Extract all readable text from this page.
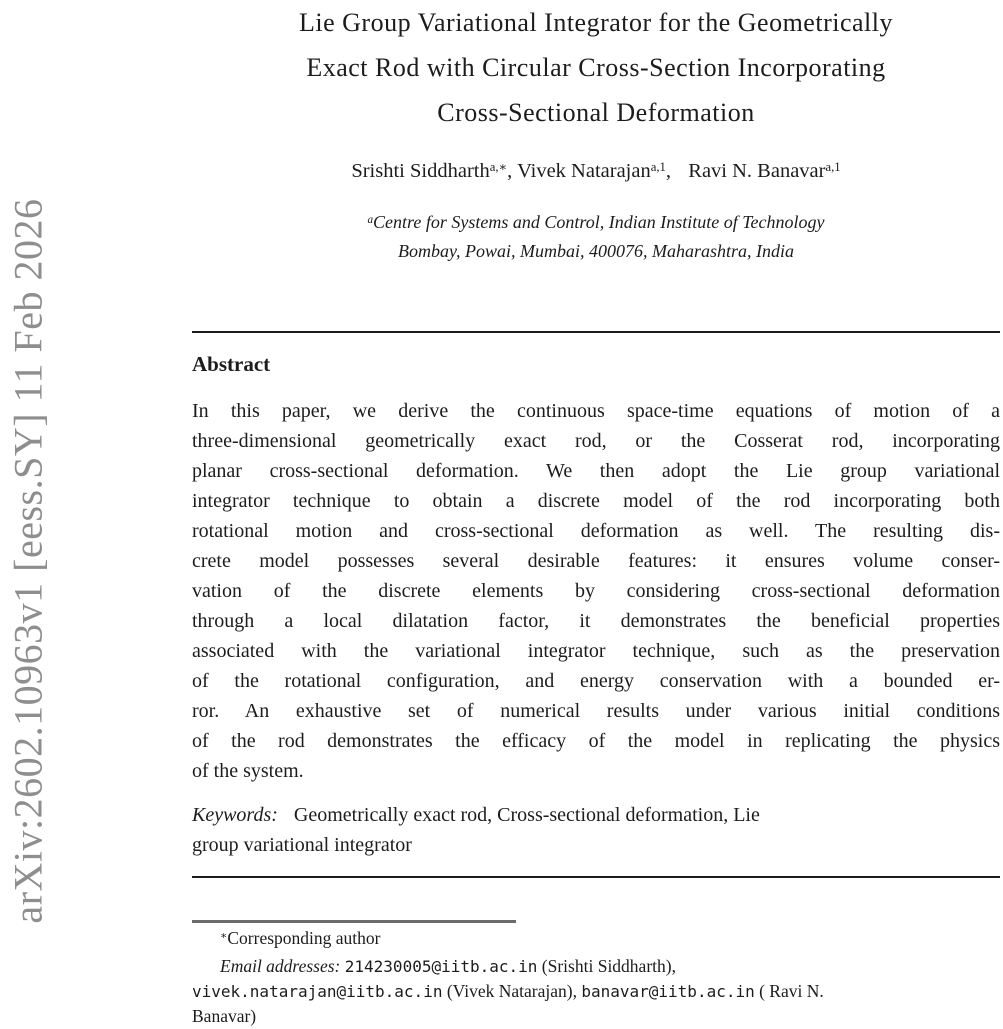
arXiv:2602.10963v1 [eess.SY] 11 Feb 2026
Lie Group Variational Integrator for the Geometrically
Exact Rod with Circular Cross-Section Incorporating
Cross-Sectional Deformation
Srishti Siddharth$^{a,∗}$, Vivek Natarajan$^{a,1}$,  Ravi N. Banavar$^{a,1}$
$^a$Centre for Systems and Control, Indian Institute of Technology
Bombay, Powai, Mumbai, 400076, Maharashtra, India
Abstract
In this paper, we derive the continuous space-time equations of motion of a
three-dimensional geometrically exact rod, or the Cosserat rod, incorporating
planar cross-sectional deformation. We then adopt the Lie group variational
integrator technique to obtain a discrete model of the rod incorporating both
rotational motion and cross-sectional deformation as well. The resulting dis-
crete model possesses several desirable features: it ensures volume conser-
vation of the discrete elements by considering cross-sectional deformation
through a local dilatation factor, it demonstrates the beneficial properties
associated with the variational integrator technique, such as the preservation
of the rotational configuration, and energy conservation with a bounded er-
ror. An exhaustive set of numerical results under various initial conditions
of the rod demonstrates the efficacy of the model in replicating the physics
of the system.
Keywords: Geometrically exact rod, Cross-sectional deformation, Lie
group variational integrator
∗Corresponding author
Email addresses: 214230005@iitb.ac.in (Srishti Siddharth),
vivek.natarajan@iitb.ac.in (Vivek Natarajan), banavar@iitb.ac.in ( Ravi N.
Banavar)
